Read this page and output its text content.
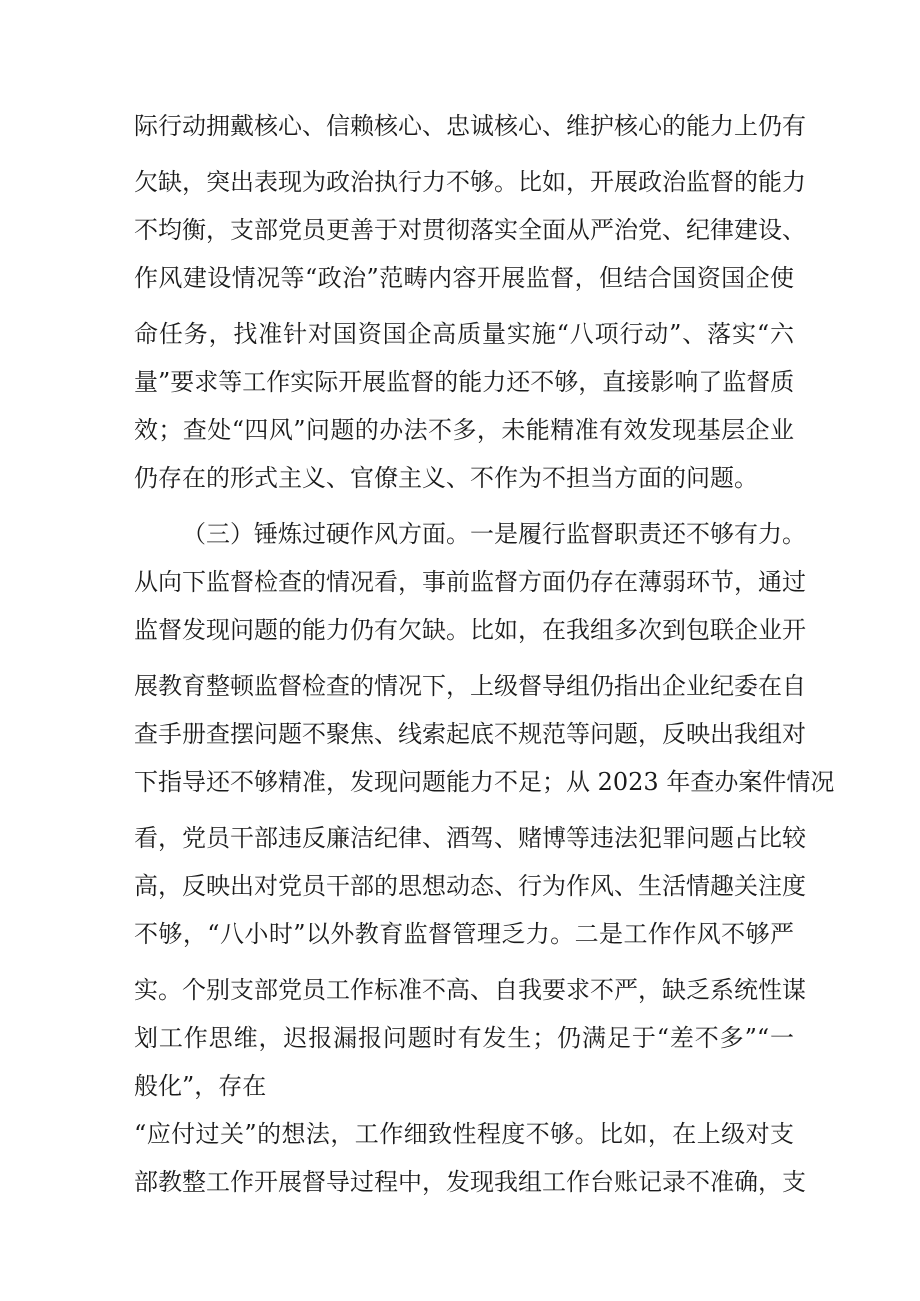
际行动拥戴核心、信赖核心、忠诚核心、维护核心的能力上仍有
欠缺，突出表现为政治执行力不够。比如，开展政治监督的能力
不均衡，支部党员更善于对贯彻落实全面从严治党、纪律建设、
作风建设情况等“政治”范畴内容开展监督，但结合国资国企使
命任务，找准针对国资国企高质量实施“八项行动”、落实“六
量”要求等工作实际开展监督的能力还不够，直接影响了监督质
效；查处“四风”问题的办法不多，未能精准有效发现基层企业
仍存在的形式主义、官僚主义、不作为不担当方面的问题。
（三）锤炼过硬作风方面。一是履行监督职责还不够有力。
从向下监督检查的情况看，事前监督方面仍存在薄弱环节，通过
监督发现问题的能力仍有欠缺。比如，在我组多次到包联企业开
展教育整顿监督检查的情况下，上级督导组仍指出企业纪委在自
查手册查摆问题不聚焦、线索起底不规范等问题，反映出我组对
下指导还不够精准，发现问题能力不足；从 2023 年查办案件情况
看，党员干部违反廉洁纪律、酒驾、赌博等违法犯罪问题占比较
高，反映出对党员干部的思想动态、行为作风、生活情趣关注度
不够，“八小时”以外教育监督管理乏力。二是工作作风不够严
实。个别支部党员工作标准不高、自我要求不严，缺乏系统性谋
划工作思维，迟报漏报问题时有发生；仍满足于“差不多”“一
般化”，存在
“应付过关”的想法，工作细致性程度不够。比如，在上级对支
部教整工作开展督导过程中，发现我组工作台账记录不准确，支
